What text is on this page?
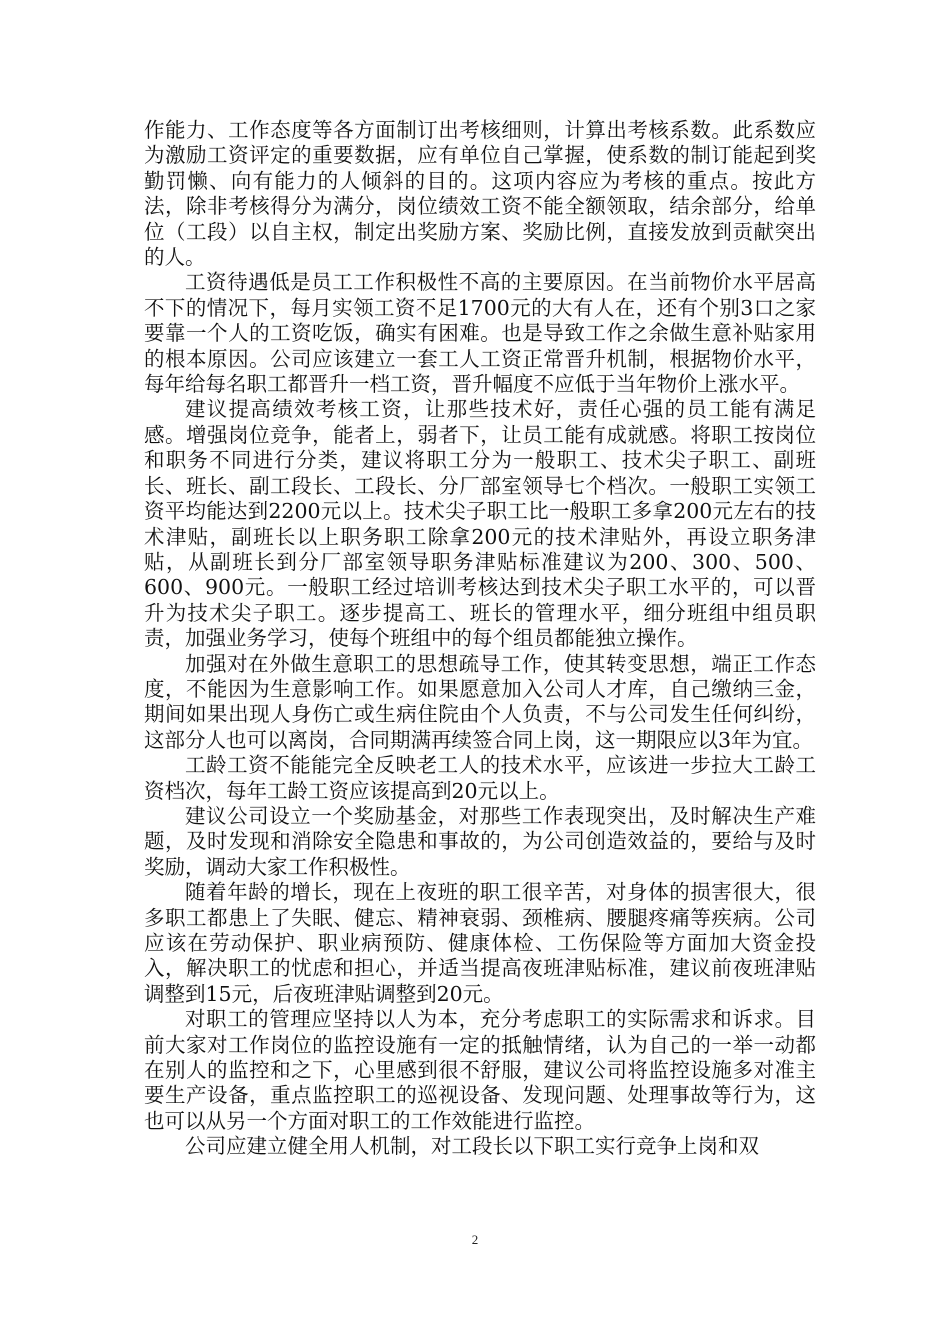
作能力、工作态度等各方面制订出考核细则，计算出考核系数。此系数应为激励工资评定的重要数据，应有单位自己掌握，使系数的制订能起到奖勤罚懒、向有能力的人倾斜的目的。这项内容应为考核的重点。按此方法，除非考核得分为满分，岗位绩效工资不能全额领取，结余部分，给单位（工段）以自主权，制定出奖励方案、奖励比例，直接发放到贡献突出的人。

工资待遇低是员工工作积极性不高的主要原因。在当前物价水平居高不下的情况下，每月实领工资不足1700元的大有人在，还有个别3口之家要靠一个人的工资吃饭，确实有困难。也是导致工作之余做生意补贴家用的根本原因。公司应该建立一套工人工资正常晋升机制，根据物价水平，每年给每名职工都晋升一档工资，晋升幅度不应低于当年物价上涨水平。

建议提高绩效考核工资，让那些技术好，责任心强的员工能有满足感。增强岗位竞争，能者上，弱者下，让员工能有成就感。将职工按岗位和职务不同进行分类，建议将职工分为一般职工、技术尖子职工、副班长、班长、副工段长、工段长、分厂部室领导七个档次。一般职工实领工资平均能达到2200元以上。技术尖子职工比一般职工多拿200元左右的技术津贴，副班长以上职务职工除拿200元的技术津贴外，再设立职务津贴，从副班长到分厂部室领导职务津贴标准建议为200、300、500、600、900元。一般职工经过培训考核达到技术尖子职工水平的，可以晋升为技术尖子职工。逐步提高工、班长的管理水平，细分班组中组员职责，加强业务学习，使每个班组中的每个组员都能独立操作。

加强对在外做生意职工的思想疏导工作，使其转变思想，端正工作态度，不能因为生意影响工作。如果愿意加入公司人才库，自己缴纳三金，期间如果出现人身伤亡或生病住院由个人负责，不与公司发生任何纠纷，这部分人也可以离岗，合同期满再续签合同上岗，这一期限应以3年为宜。

工龄工资不能能完全反映老工人的技术水平，应该进一步拉大工龄工资档次，每年工龄工资应该提高到20元以上。

建议公司设立一个奖励基金，对那些工作表现突出，及时解决生产难题，及时发现和消除安全隐患和事故的，为公司创造效益的，要给与及时奖励，调动大家工作积极性。

随着年龄的增长，现在上夜班的职工很辛苦，对身体的损害很大，很多职工都患上了失眠、健忘、精神衰弱、颈椎病、腰腿疼痛等疾病。公司应该在劳动保护、职业病预防、健康体检、工伤保险等方面加大资金投入，解决职工的忧虑和担心，并适当提高夜班津贴标准，建议前夜班津贴调整到15元，后夜班津贴调整到20元。

对职工的管理应坚持以人为本，充分考虑职工的实际需求和诉求。目前大家对工作岗位的监控设施有一定的抵触情绪，认为自己的一举一动都在别人的监控和之下，心里感到很不舒服，建议公司将监控设施多对准主要生产设备，重点监控职工的巡视设备、发现问题、处理事故等行为，这也可以从另一个方面对职工的工作效能进行监控。

公司应建立健全用人机制，对工段长以下职工实行竞争上岗和双

2
